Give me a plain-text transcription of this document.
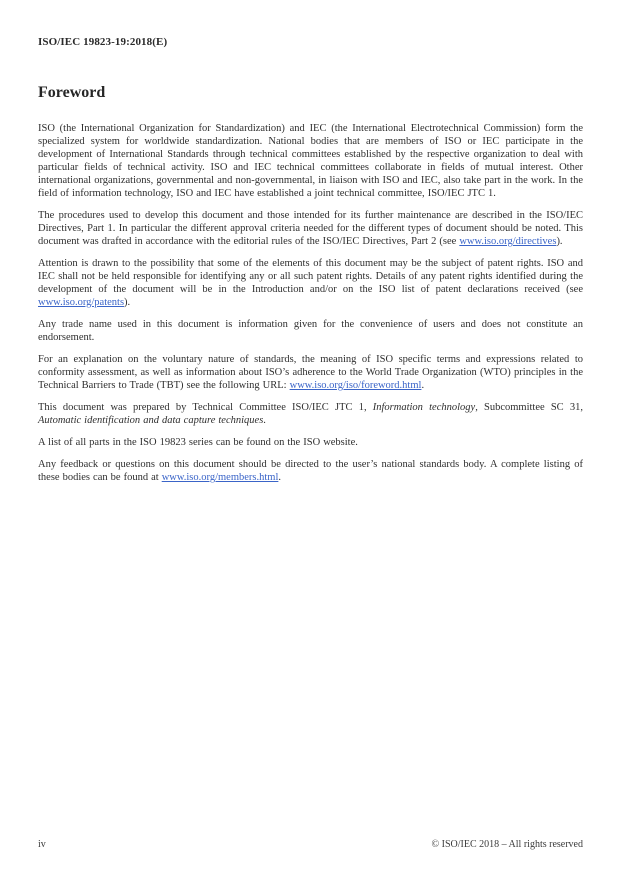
ISO/IEC 19823-19:2018(E)
Foreword

ISO (the International Organization for Standardization) and IEC (the International Electrotechnical Commission) form the specialized system for worldwide standardization. National bodies that are members of ISO or IEC participate in the development of International Standards through technical committees established by the respective organization to deal with particular fields of technical activity. ISO and IEC technical committees collaborate in fields of mutual interest. Other international organizations, governmental and non-governmental, in liaison with ISO and IEC, also take part in the work. In the field of information technology, ISO and IEC have established a joint technical committee, ISO/IEC JTC 1.

The procedures used to develop this document and those intended for its further maintenance are described in the ISO/IEC Directives, Part 1. In particular the different approval criteria needed for the different types of document should be noted. This document was drafted in accordance with the editorial rules of the ISO/IEC Directives, Part 2 (see www.iso.org/directives).

Attention is drawn to the possibility that some of the elements of this document may be the subject of patent rights. ISO and IEC shall not be held responsible for identifying any or all such patent rights. Details of any patent rights identified during the development of the document will be in the Introduction and/or on the ISO list of patent declarations received (see www.iso.org/patents).

Any trade name used in this document is information given for the convenience of users and does not constitute an endorsement.

For an explanation on the voluntary nature of standards, the meaning of ISO specific terms and expressions related to conformity assessment, as well as information about ISO’s adherence to the World Trade Organization (WTO) principles in the Technical Barriers to Trade (TBT) see the following URL: www.iso.org/iso/foreword.html.

This document was prepared by Technical Committee ISO/IEC JTC 1, Information technology, Subcommittee SC 31, Automatic identification and data capture techniques.

A list of all parts in the ISO 19823 series can be found on the ISO website.

Any feedback or questions on this document should be directed to the user’s national standards body. A complete listing of these bodies can be found at www.iso.org/members.html.

iv	© ISO/IEC 2018 – All rights reserved
